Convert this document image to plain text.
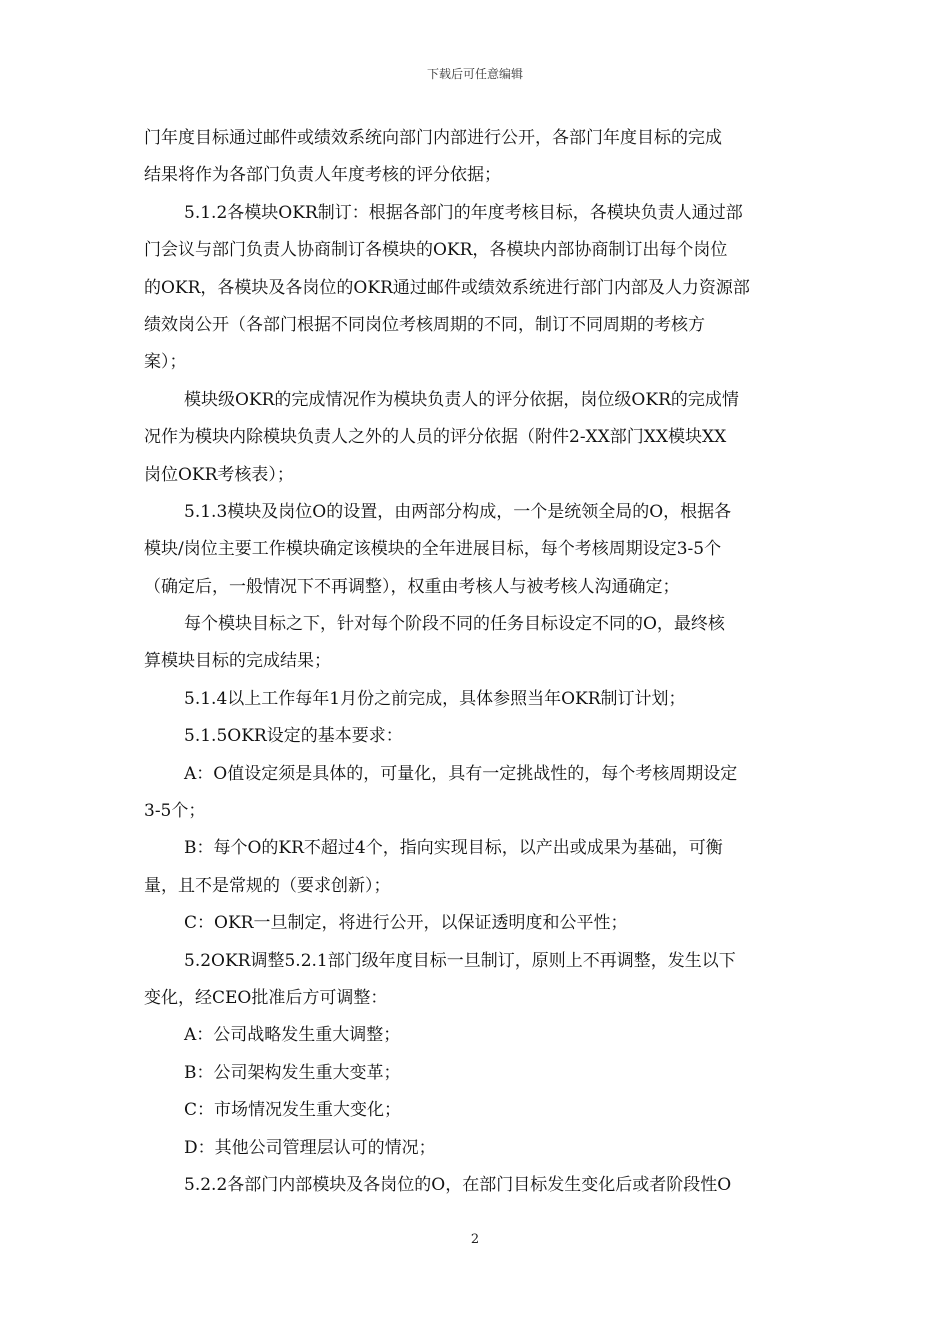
下载后可任意编辑
门年度目标通过邮件或绩效系统向部门内部进行公开，各部门年度目标的完成
结果将作为各部门负责人年度考核的评分依据；
5.1.2各模块OKR制订：根据各部门的年度考核目标，各模块负责人通过部
门会议与部门负责人协商制订各模块的OKR，各模块内部协商制订出每个岗位
的OKR，各模块及各岗位的OKR通过邮件或绩效系统进行部门内部及人力资源部
绩效岗公开（各部门根据不同岗位考核周期的不同，制订不同周期的考核方
案）；
模块级OKR的完成情况作为模块负责人的评分依据，岗位级OKR的完成情
况作为模块内除模块负责人之外的人员的评分依据（附件2-XX部门XX模块XX
岗位OKR考核表）；
5.1.3模块及岗位O的设置，由两部分构成，一个是统领全局的O，根据各
模块/岗位主要工作模块确定该模块的全年进展目标，每个考核周期设定3-5个
（确定后，一般情况下不再调整），权重由考核人与被考核人沟通确定；
每个模块目标之下，针对每个阶段不同的任务目标设定不同的O，最终核
算模块目标的完成结果；
5.1.4以上工作每年1月份之前完成，具体参照当年OKR制订计划；
5.1.5OKR设定的基本要求：
A：O值设定须是具体的，可量化，具有一定挑战性的，每个考核周期设定
3-5个；
B：每个O的KR不超过4个，指向实现目标，以产出或成果为基础，可衡
量，且不是常规的（要求创新）；
C：OKR一旦制定，将进行公开，以保证透明度和公平性；
5.2OKR调整5.2.1部门级年度目标一旦制订，原则上不再调整，发生以下
变化，经CEO批准后方可调整：
A：公司战略发生重大调整；
B：公司架构发生重大变革；
C：市场情况发生重大变化；
D：其他公司管理层认可的情况；
5.2.2各部门内部模块及各岗位的O，在部门目标发生变化后或者阶段性O
2
